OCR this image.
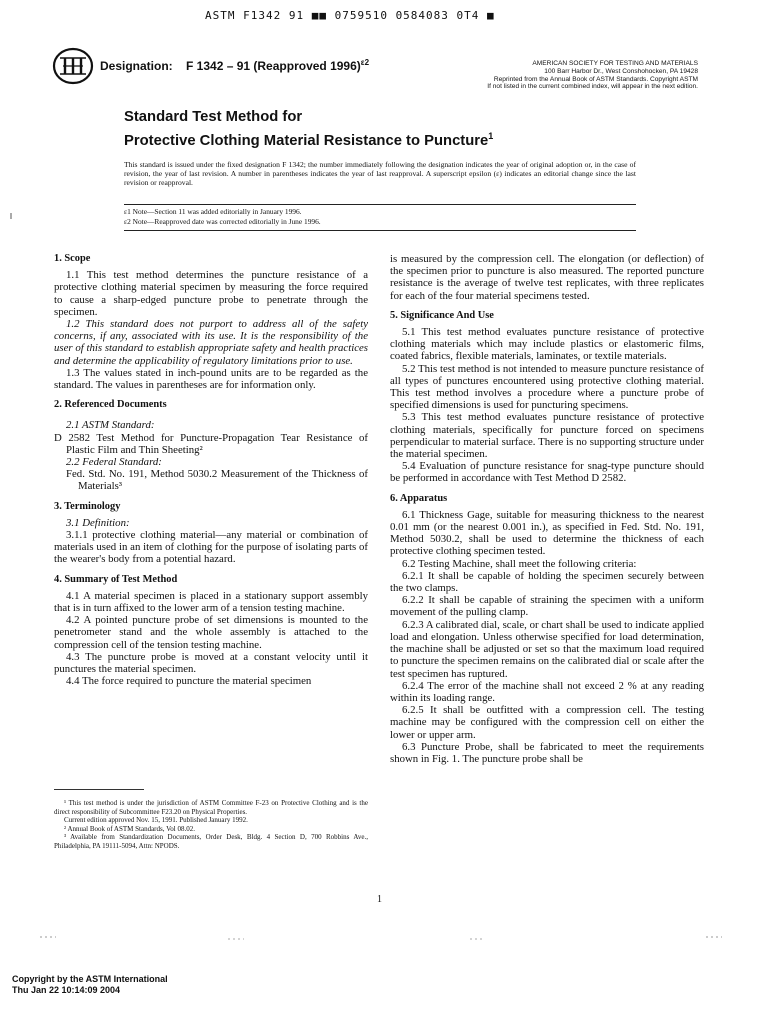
ASTM F1342 91 ■■ 0759510 0584083 0T4 ■
Designation: F 1342 – 91 (Reapproved 1996)$^{\varepsilon 2}$	AMERICAN SOCIETY FOR TESTING AND MATERIALS
100 Barr Harbor Dr., West Conshohocken, PA 19428
Reprinted from the Annual Book of ASTM Standards. Copyright ASTM
If not listed in the current combined index, will appear in the next edition.
Standard Test Method for
Protective Clothing Material Resistance to Puncture$^1$
This standard is issued under the fixed designation F 1342; the number immediately following the designation indicates the year of original adoption or, in the case of revision, the year of last revision. A number in parentheses indicates the year of last reapproval. A superscript epsilon (ε) indicates an editorial change since the last revision or reapproval.
ε1 Note—Section 11 was added editorially in January 1996.
ε2 Note—Reapproved date was corrected editorially in June 1996.
1. Scope

1.1 This test method determines the puncture resistance of a protective clothing material specimen by measuring the force required to cause a sharp-edged puncture probe to penetrate through the specimen.

1.2 This standard does not purport to address all of the safety concerns, if any, associated with its use. It is the responsibility of the user of this standard to establish appropriate safety and health practices and determine the applicability of regulatory limitations prior to use.

1.3 The values stated in inch-pound units are to be regarded as the standard. The values in parentheses are for information only.

2. Referenced Documents

2.1 ASTM Standard:

D 2582 Test Method for Puncture-Propagation Tear Resistance of Plastic Film and Thin Sheeting²

2.2 Federal Standard:

Fed. Std. No. 191, Method 5030.2 Measurement of the Thickness of Materials³

3. Terminology

3.1 Definition:

3.1.1 protective clothing material—any material or combination of materials used in an item of clothing for the purpose of isolating parts of the wearer's body from a potential hazard.

4. Summary of Test Method

4.1 A material specimen is placed in a stationary support assembly that is in turn affixed to the lower arm of a tension testing machine.

4.2 A pointed puncture probe of set dimensions is mounted to the penetrometer stand and the whole assembly is attached to the compression cell of the tension testing machine.

4.3 The puncture probe is moved at a constant velocity until it punctures the material specimen.

4.4 The force required to puncture the material specimen

is measured by the compression cell. The elongation (or deflection) of the specimen prior to puncture is also measured. The reported puncture resistance is the average of twelve test replicates, with three replicates for each of the four material specimens tested.

5. Significance And Use

5.1 This test method evaluates puncture resistance of protective clothing materials which may include plastics or elastomeric films, coated fabrics, flexible materials, laminates, or textile materials.

5.2 This test method is not intended to measure puncture resistance of all types of punctures encountered using protective clothing material. This test method involves a procedure where a puncture probe of specified dimensions is used for puncturing specimens.

5.3 This test method evaluates puncture resistance of protective clothing materials, specifically for puncture forced on specimens perpendicular to material surface. There is no supporting structure under the material specimen.

5.4 Evaluation of puncture resistance for snag-type puncture should be performed in accordance with Test Method D 2582.

6. Apparatus

6.1 Thickness Gage, suitable for measuring thickness to the nearest 0.01 mm (or the nearest 0.001 in.), as specified in Fed. Std. No. 191, Method 5030.2, shall be used to determine the thickness of each protective clothing specimen tested.

6.2 Testing Machine, shall meet the following criteria:

6.2.1 It shall be capable of holding the specimen securely between the two clamps.

6.2.2 It shall be capable of straining the specimen with a uniform movement of the pulling clamp.

6.2.3 A calibrated dial, scale, or chart shall be used to indicate applied load and elongation. Unless otherwise specified for load determination, the machine shall be adjusted or set so that the maximum load required to puncture the specimen remains on the calibrated dial or scale after the test specimen has ruptured.

6.2.4 The error of the machine shall not exceed 2 % at any reading within its loading range.

6.2.5 It shall be outfitted with a compression cell. The testing machine may be configured with the compression cell on either the lower or upper arm.

6.3 Puncture Probe, shall be fabricated to meet the requirements shown in Fig. 1. The puncture probe shall be

¹ This test method is under the jurisdiction of ASTM Committee F-23 on Protective Clothing and is the direct responsibility of Subcommittee F23.20 on Physical Properties.

Current edition approved Nov. 15, 1991. Published January 1992.

² Annual Book of ASTM Standards, Vol 08.02.

³ Available from Standardization Documents, Order Desk, Bldg. 4 Section D, 700 Robbins Ave., Philadelphia, PA 19111-5094, Attn: NPODS.

1
Copyright by the ASTM International
Thu Jan 22 10:14:09 2004
